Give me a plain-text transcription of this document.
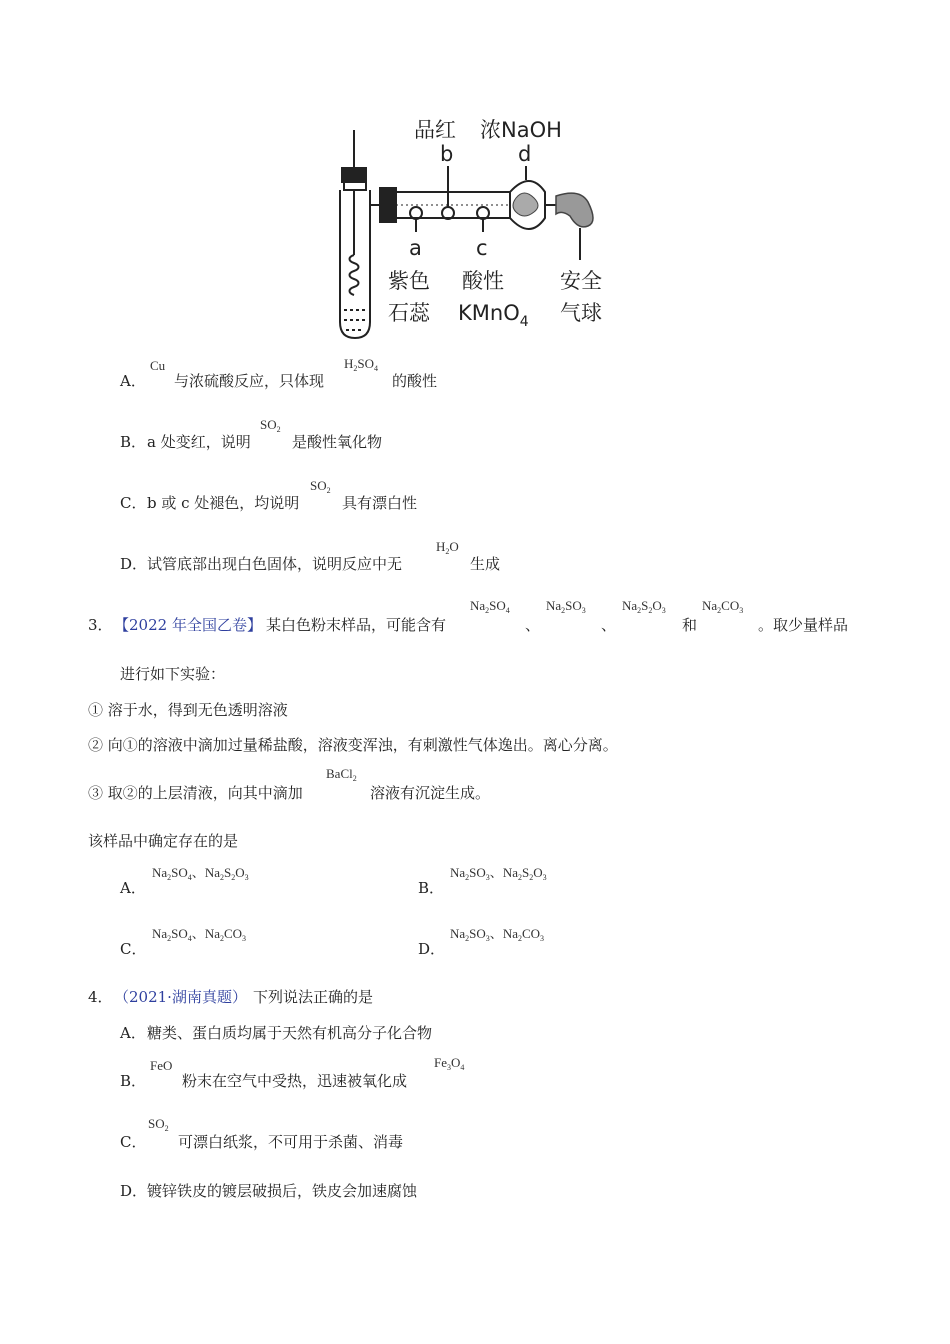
品红 浓NaOH
b	d
a	c
紫色
石蕊
酸性
KMnO$_4$
安全
气球
A．
Cu
与浓硫酸反应，只体现
$H_2SO_4$
的酸性
B． a 处变红，说明
$SO_2$
是酸性氧化物
C． b 或 c 处褪色，均说明
$SO_2$
具有漂白性
D． 试管底部出现白色固体，说明反应中无
$H_2O$
生成
3． 【2022 年全国乙卷】 某白色粉末样品，可能含有
$Na_2SO_4$
、
$Na_2SO_3$
、
$Na_2S_2O_3$
和
$Na_2CO_3$
。取少量样品
进行如下实验：
① 溶于水，得到无色透明溶液
② 向①的溶液中滴加过量稀盐酸，溶液变浑浊，有刺激性气体逸出。离心分离。
③ 取②的上层清液，向其中滴加
BaCl$_2$
溶液有沉淀生成。
该样品中确定存在的是
A．
$Na_2SO_4$、$Na_2S_2O_3$
B．
$Na_2SO_3$、$Na_2S_2O_3$
C．
$Na_2SO_4$、$Na_2CO_3$
D．
$Na_2SO_3$、$Na_2CO_3$
4． （2021·湖南真题） 下列说法正确的是
A． 糖类、蛋白质均属于天然有机高分子化合物
B．
FeO
粉末在空气中受热，迅速被氧化成
$Fe_3O_4$
C．
$SO_2$
可漂白纸浆，不可用于杀菌、消毒
D． 镀锌铁皮的镀层破损后，铁皮会加速腐蚀
